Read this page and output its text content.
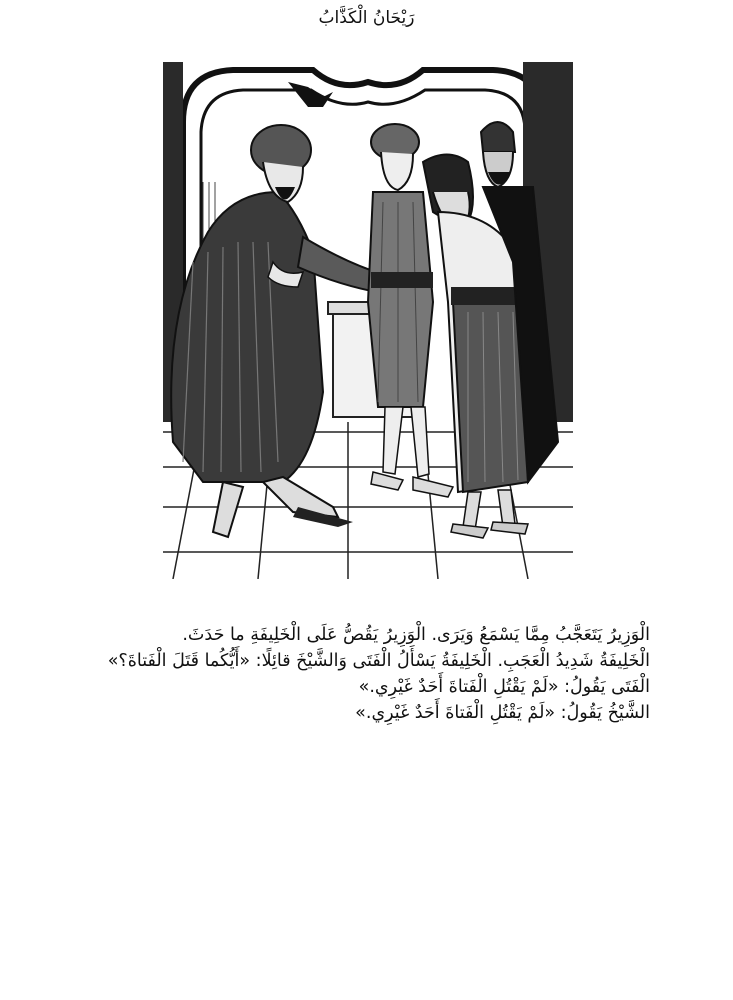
رَيْحَانُ الْكَذَّابُ

الْوَزِيرُ يَتَعَجَّبُ مِمَّا يَسْمَعُ وَيَرَى. الْوَزِيرُ يَقُصُّ عَلَى الْخَلِيفَةِ ما حَدَثَ.

الْخَلِيفَةُ شَدِيدُ الْعَجَبِ. الْخَلِيفَةُ يَسْأَلُ الْفَتَى وَالشَّيْخَ قائِلًا: «أَيُّكُما قَتَلَ الْفَتاةَ؟»

الْفَتَى يَقُولُ: «لَمْ يَقْتُلِ الْفَتاةَ أَحَدٌ غَيْرِي.»

الشَّيْخُ يَقُولُ: «لَمْ يَقْتُلِ الْفَتاةَ أَحَدٌ غَيْرِي.»
